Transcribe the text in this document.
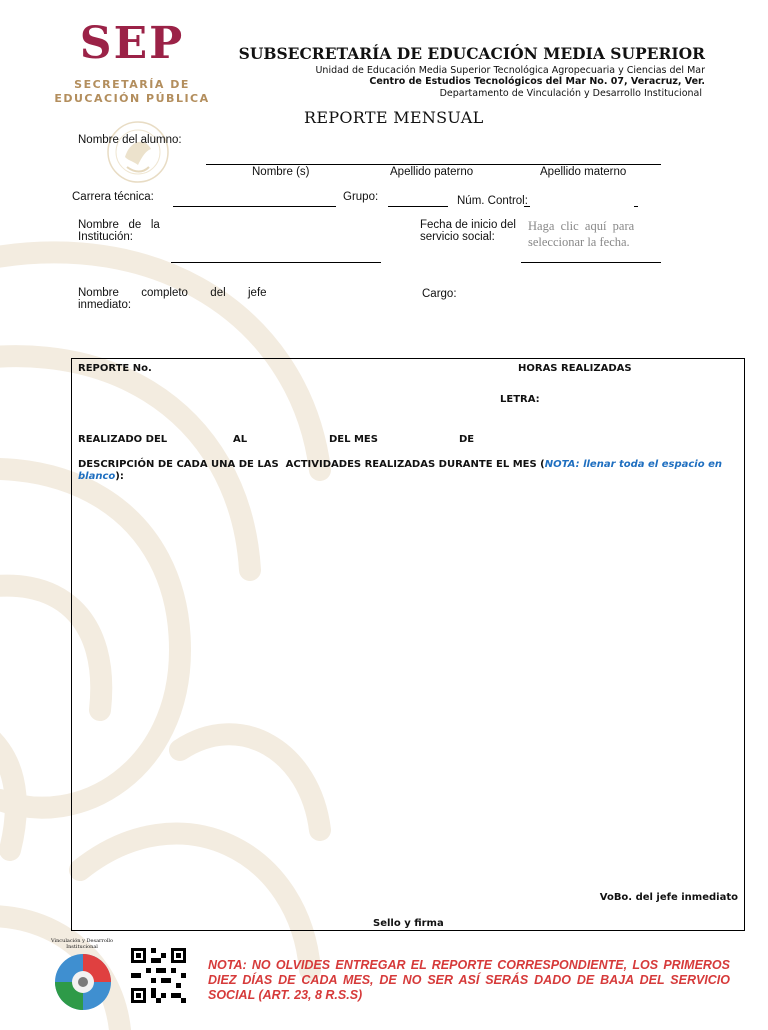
SEP
SECRETARÍA DE
EDUCACIÓN PÚBLICA
SUBSECRETARÍA DE EDUCACIÓN MEDIA SUPERIOR
Unidad de Educación Media Superior Tecnológica Agropecuaria y Ciencias del Mar
Centro de Estudios Tecnológicos del Mar No. 07, Veracruz, Ver.
Departamento de Vinculación y Desarrollo Institucional
REPORTE MENSUAL
Nombre del alumno:
Nombre (s)	Apellido paterno	Apellido materno
Carrera técnica:	Grupo:	Núm. Control:
Nombre   de   la
Institución:
Fecha de inicio del
servicio social:
Haga  clic  aquí  para
seleccionar la fecha.
Nombre       completo       del       jefe
inmediato:
Cargo:
REPORTE No.	HORAS REALIZADAS
LETRA:
REALIZADO DEL	AL	DEL MES	DE
DESCRIPCIÓN DE CADA UNA DE LAS  ACTIVIDADES REALIZADAS DURANTE EL MES (NOTA: llenar toda el espacio en blanco):
VoBo. del jefe inmediato
Sello y firma
Vinculación y Desarrollo Institucional
NOTA: NO OLVIDES ENTREGAR EL REPORTE CORRESPONDIENTE, LOS PRIMEROS DIEZ DÍAS DE CADA MES, DE NO SER ASÍ SERÁS DADO DE BAJA DEL SERVICIO SOCIAL (ART. 23, 8 R.S.S)
